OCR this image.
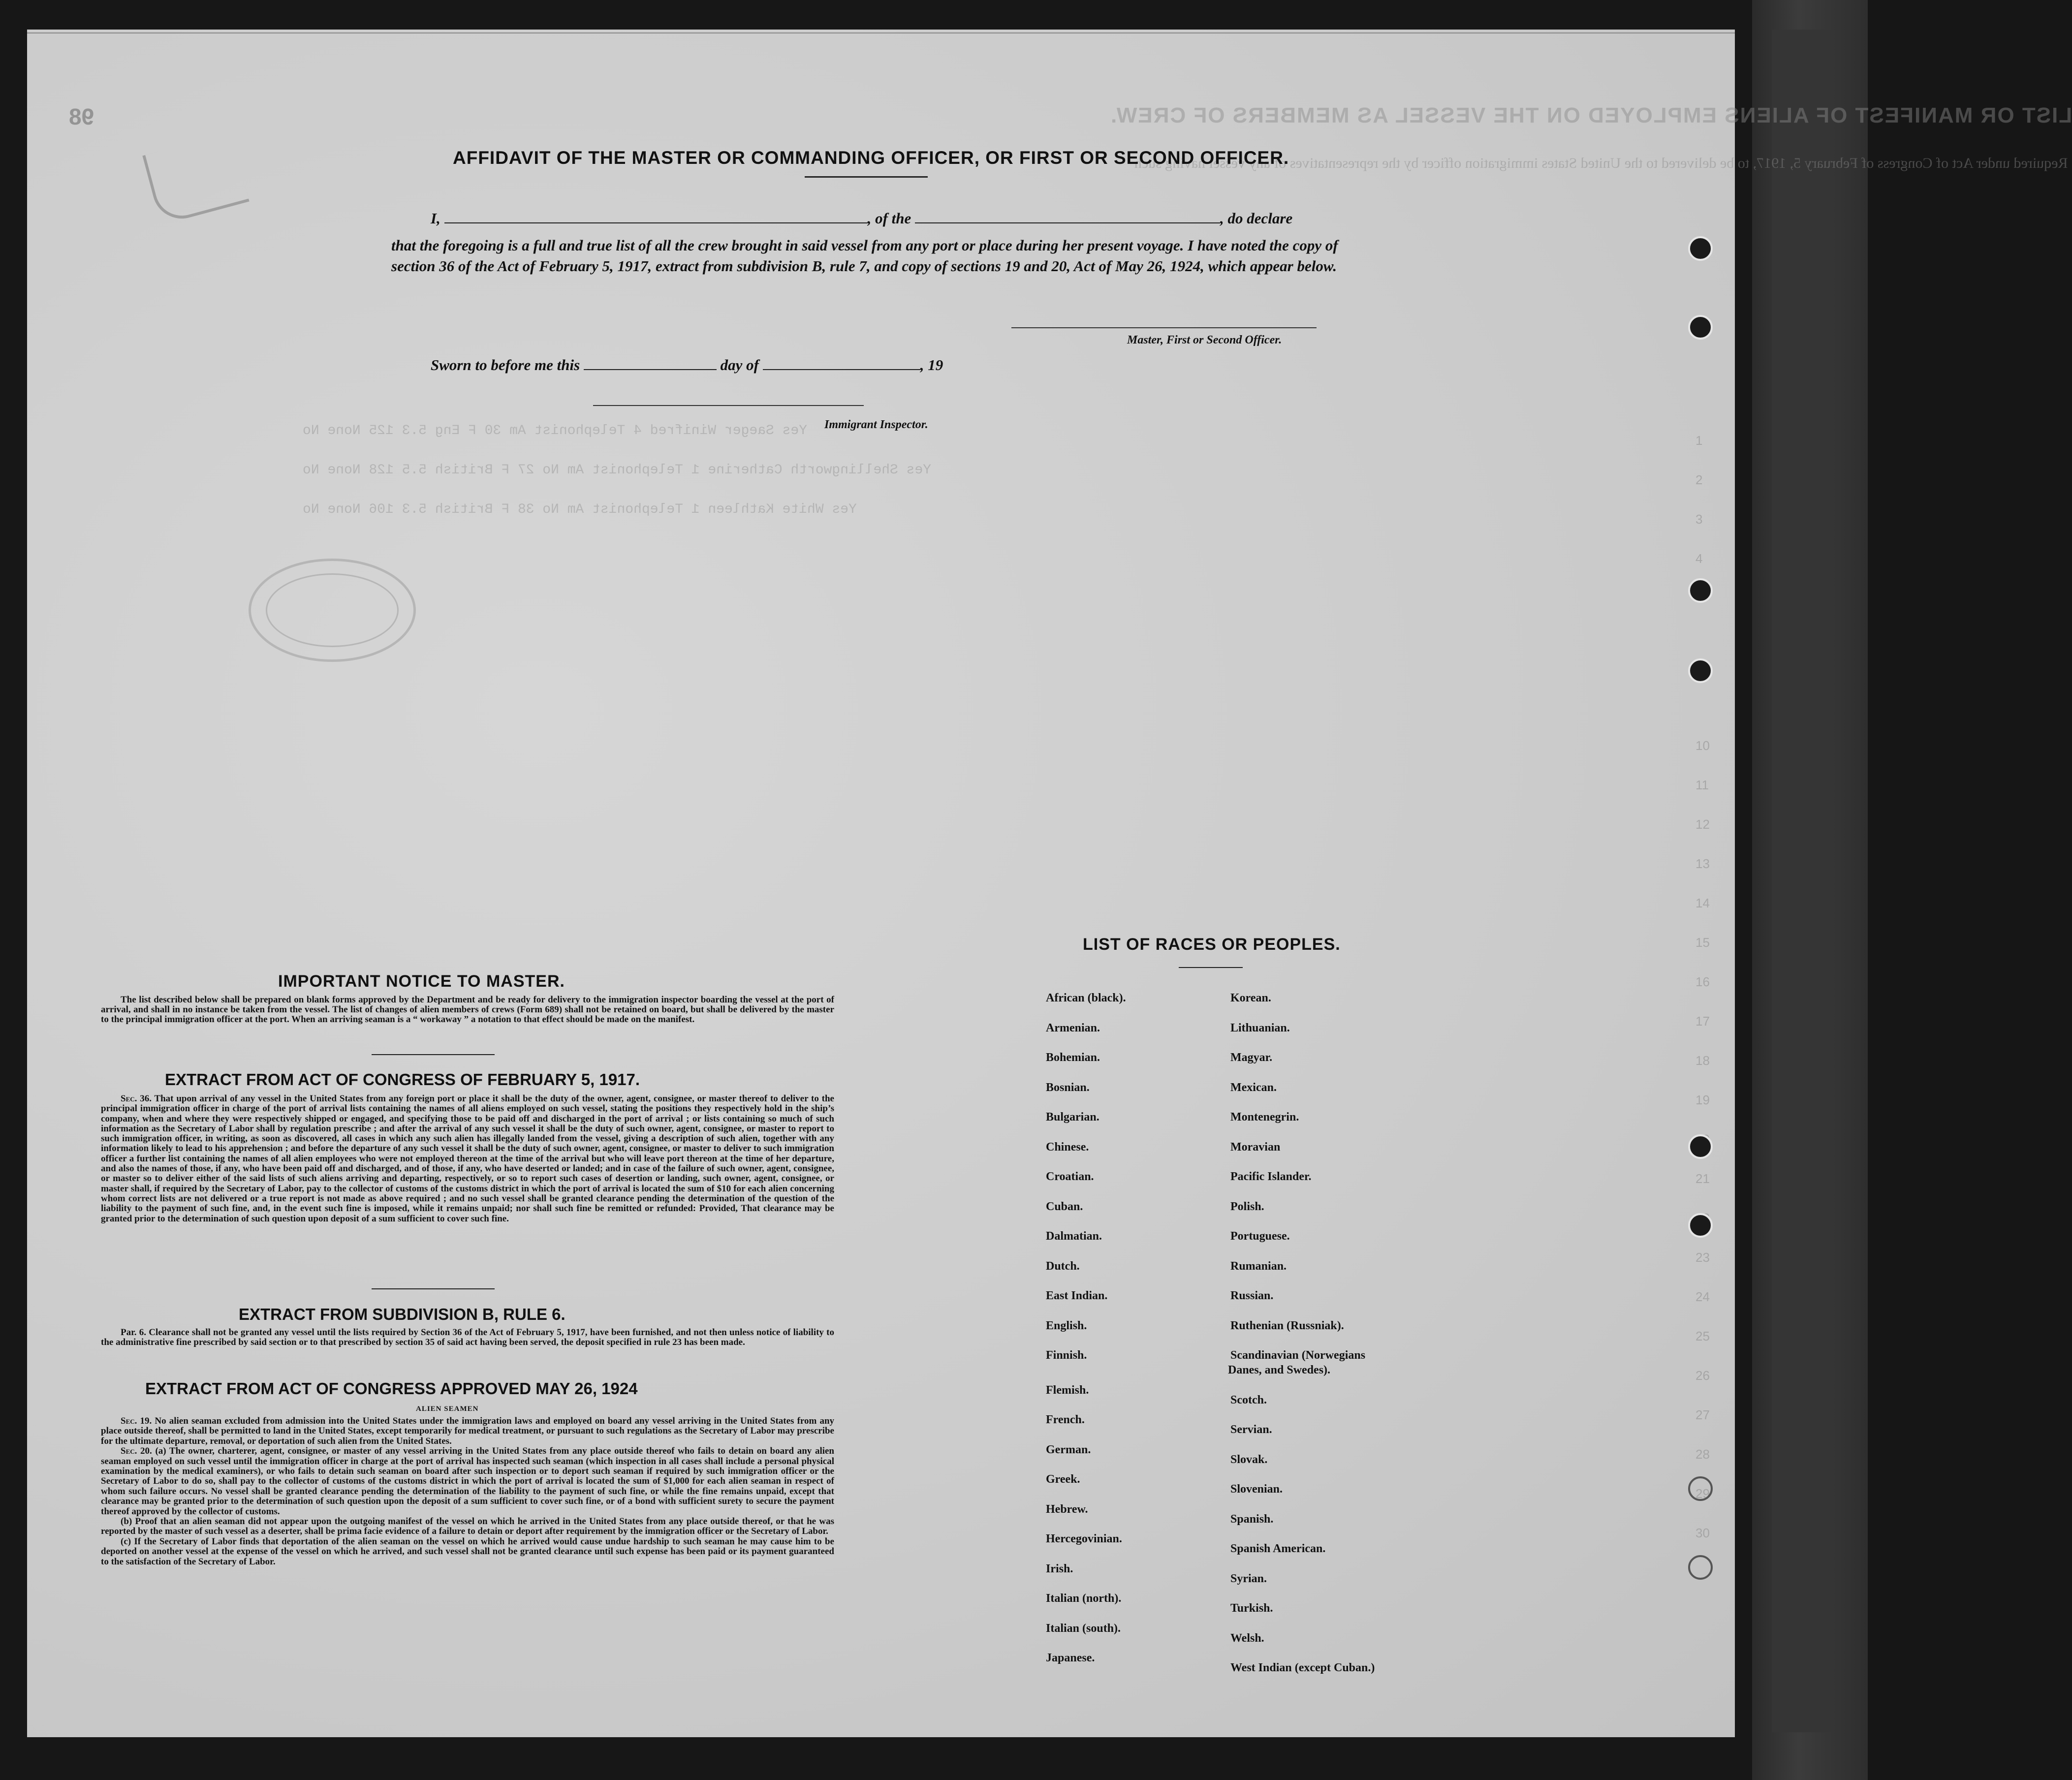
LIST OR MANIFEST OF ALIENS EMPLOYED ON THE VESSEL AS MEMBERS OF CREW.
Required under Act of Congress of February 5, 1917, to be delivered to the United States immigration officer by the representatives of any vessel having such
Yes Saeger Winifred 4 Telephonist Am 30 F Eng 5.3 125 None No
Yes Shellingworth Catherine 1 Telephonist Am No 27 F British 5.5 128 None No
Yes White Kathleen 1 Telephonist Am No 38 F British 5.3 106 None No
98
1
2
3
4
10
11
12
13
14
15
16
17
18
19
21
23
24
25
26
27
28
29
30
AFFIDAVIT OF THE MASTER OR COMMANDING OFFICER, OR FIRST OR SECOND OFFICER.
I,	, of the	, do declare
that the foregoing is a full and true list of all the crew brought in said vessel from any port or place during her present voyage. I have noted the copy of section 36 of the Act of February 5, 1917, extract from subdivision B, rule 7, and copy of sections 19 and 20, Act of May 26, 1924, which appear below.
Master, First or Second Officer.
Sworn to before me this	day of	, 19
Immigrant Inspector.
IMPORTANT NOTICE TO MASTER.
The list described below shall be prepared on blank forms approved by the Department and be ready for delivery to the immigration inspector boarding the vessel at the port of arrival, and shall in no instance be taken from the vessel. The list of changes of alien members of crews (Form 689) shall not be retained on board, but shall be delivered by the master to the principal immigration officer at the port. When an arriving seaman is a “ workaway ” a notation to that effect should be made on the manifest.
EXTRACT FROM ACT OF CONGRESS OF FEBRUARY 5, 1917.
Sec. 36. That upon arrival of any vessel in the United States from any foreign port or place it shall be the duty of the owner, agent, consignee, or master thereof to deliver to the principal immigration officer in charge of the port of arrival lists containing the names of all aliens employed on such vessel, stating the positions they respectively hold in the ship’s company, when and where they were respectively shipped or engaged, and specifying those to be paid off and discharged in the port of arrival ; or lists containing so much of such information as the Secretary of Labor shall by regulation prescribe ; and after the arrival of any such vessel it shall be the duty of such owner, agent, consignee, or master to report to such immigration officer, in writing, as soon as discovered, all cases in which any such alien has illegally landed from the vessel, giving a description of such alien, together with any information likely to lead to his apprehension ; and before the departure of any such vessel it shall be the duty of such owner, agent, consignee, or master to deliver to such immigration officer a further list containing the names of all alien employees who were not employed thereon at the time of the arrival but who will leave port thereon at the time of her departure, and also the names of those, if any, who have been paid off and discharged, and of those, if any, who have deserted or landed; and in case of the failure of such owner, agent, consignee, or master so to deliver either of the said lists of such aliens arriving and departing, respectively, or so to report such cases of desertion or landing, such owner, agent, consignee, or master shall, if required by the Secretary of Labor, pay to the collector of customs of the customs district in which the port of arrival is located the sum of $10 for each alien concerning whom correct lists are not delivered or a true report is not made as above required ; and no such vessel shall be granted clearance pending the determination of the question of the liability to the payment of such fine, and, in the event such fine is imposed, while it remains unpaid; nor shall such fine be remitted or refunded: Provided, That clearance may be granted prior to the determination of such question upon deposit of a sum sufficient to cover such fine.
EXTRACT FROM SUBDIVISION B, RULE 6.
Par. 6. Clearance shall not be granted any vessel until the lists required by Section 36 of the Act of February 5, 1917, have been furnished, and not then unless notice of liability to the administrative fine prescribed by said section or to that prescribed by section 35 of said act having been served, the deposit specified in rule 23 has been made.
EXTRACT FROM ACT OF CONGRESS APPROVED MAY 26, 1924
ALIEN SEAMEN
Sec. 19. No alien seaman excluded from admission into the United States under the immigration laws and employed on board any vessel arriving in the United States from any place outside thereof, shall be permitted to land in the United States, except temporarily for medical treatment, or pursuant to such regulations as the Secretary of Labor may prescribe for the ultimate departure, removal, or deportation of such alien from the United States.
Sec. 20. (a) The owner, charterer, agent, consignee, or master of any vessel arriving in the United States from any place outside thereof who fails to detain on board any alien seaman employed on such vessel until the immigration officer in charge at the port of arrival has inspected such seaman (which inspection in all cases shall include a personal physical examination by the medical examiners), or who fails to detain such seaman on board after such inspection or to deport such seaman if required by such immigration officer or the Secretary of Labor to do so, shall pay to the collector of customs of the customs district in which the port of arrival is located the sum of $1,000 for each alien seaman in respect of whom such failure occurs. No vessel shall be granted clearance pending the determination of the liability to the payment of such fine, or while the fine remains unpaid, except that clearance may be granted prior to the determination of such question upon the deposit of a sum sufficient to cover such fine, or of a bond with sufficient surety to secure the payment thereof approved by the collector of customs.
(b) Proof that an alien seaman did not appear upon the outgoing manifest of the vessel on which he arrived in the United States from any place outside thereof, or that he was reported by the master of such vessel as a deserter, shall be prima facie evidence of a failure to detain or deport after requirement by the immigration officer or the Secretary of Labor.
(c) If the Secretary of Labor finds that deportation of the alien seaman on the vessel on which he arrived would cause undue hardship to such seaman he may cause him to be deported on another vessel at the expense of the vessel on which he arrived, and such vessel shall not be granted clearance until such expense has been paid or its payment guaranteed to the satisfaction of the Secretary of Labor.
LIST OF RACES OR PEOPLES.
African (black).
Armenian.
Bohemian.
Bosnian.
Bulgarian.
Chinese.
Croatian.
Cuban.
Dalmatian.
Dutch.
East Indian.
English.
Finnish.
Flemish.
French.
German.
Greek.
Hebrew.
Hercegovinian.
Irish.
Italian (north).
Italian (south).
Japanese.
Korean.
Lithuanian.
Magyar.
Mexican.
Montenegrin.
Moravian
Pacific Islander.
Polish.
Portuguese.
Rumanian.
Russian.
Ruthenian (Russniak).
Scandinavian (Norwegians
Danes, and Swedes).
Scotch.
Servian.
Slovak.
Slovenian.
Spanish.
Spanish American.
Syrian.
Turkish.
Welsh.
West Indian (except Cuban.)
